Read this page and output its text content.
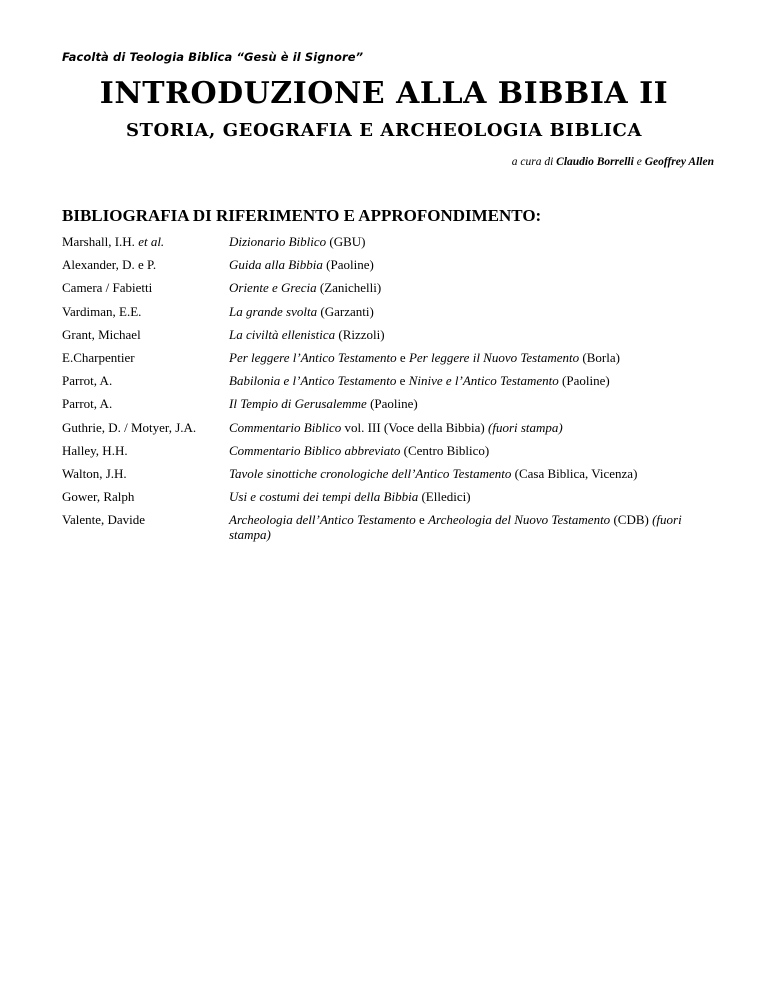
Facoltà di Teologia Biblica “Gesù è il Signore”
INTRODUZIONE ALLA BIBBIA II
STORIA, GEOGRAFIA E ARCHEOLOGIA BIBLICA
a cura di Claudio Borrelli e Geoffrey Allen
BIBLIOGRAFIA DI RIFERIMENTO E APPROFONDIMENTO:
Marshall, I.H. et al.	Dizionario Biblico (GBU)
Alexander, D. e P.	Guida alla Bibbia (Paoline)
Camera / Fabietti	Oriente e Grecia (Zanichelli)
Vardiman, E.E.	La grande svolta (Garzanti)
Grant, Michael	La civiltà ellenistica (Rizzoli)
E.Charpentier	Per leggere l’Antico Testamento e Per leggere il Nuovo Testamento (Borla)
Parrot, A.	Babilonia e l’Antico Testamento e Ninive e l’Antico Testamento (Paoline)
Parrot, A.	Il Tempio di Gerusalemme (Paoline)
Guthrie, D. / Motyer, J.A.	Commentario Biblico vol. III (Voce della Bibbia) (fuori stampa)
Halley, H.H.	Commentario Biblico abbreviato (Centro Biblico)
Walton, J.H.	Tavole sinottiche cronologiche dell’Antico Testamento (Casa Biblica, Vicenza)
Gower, Ralph	Usi e costumi dei tempi della Bibbia (Elledici)
Valente, Davide	Archeologia dell’Antico Testamento e Archeologia del Nuovo Testamento (CDB) (fuori stampa)
